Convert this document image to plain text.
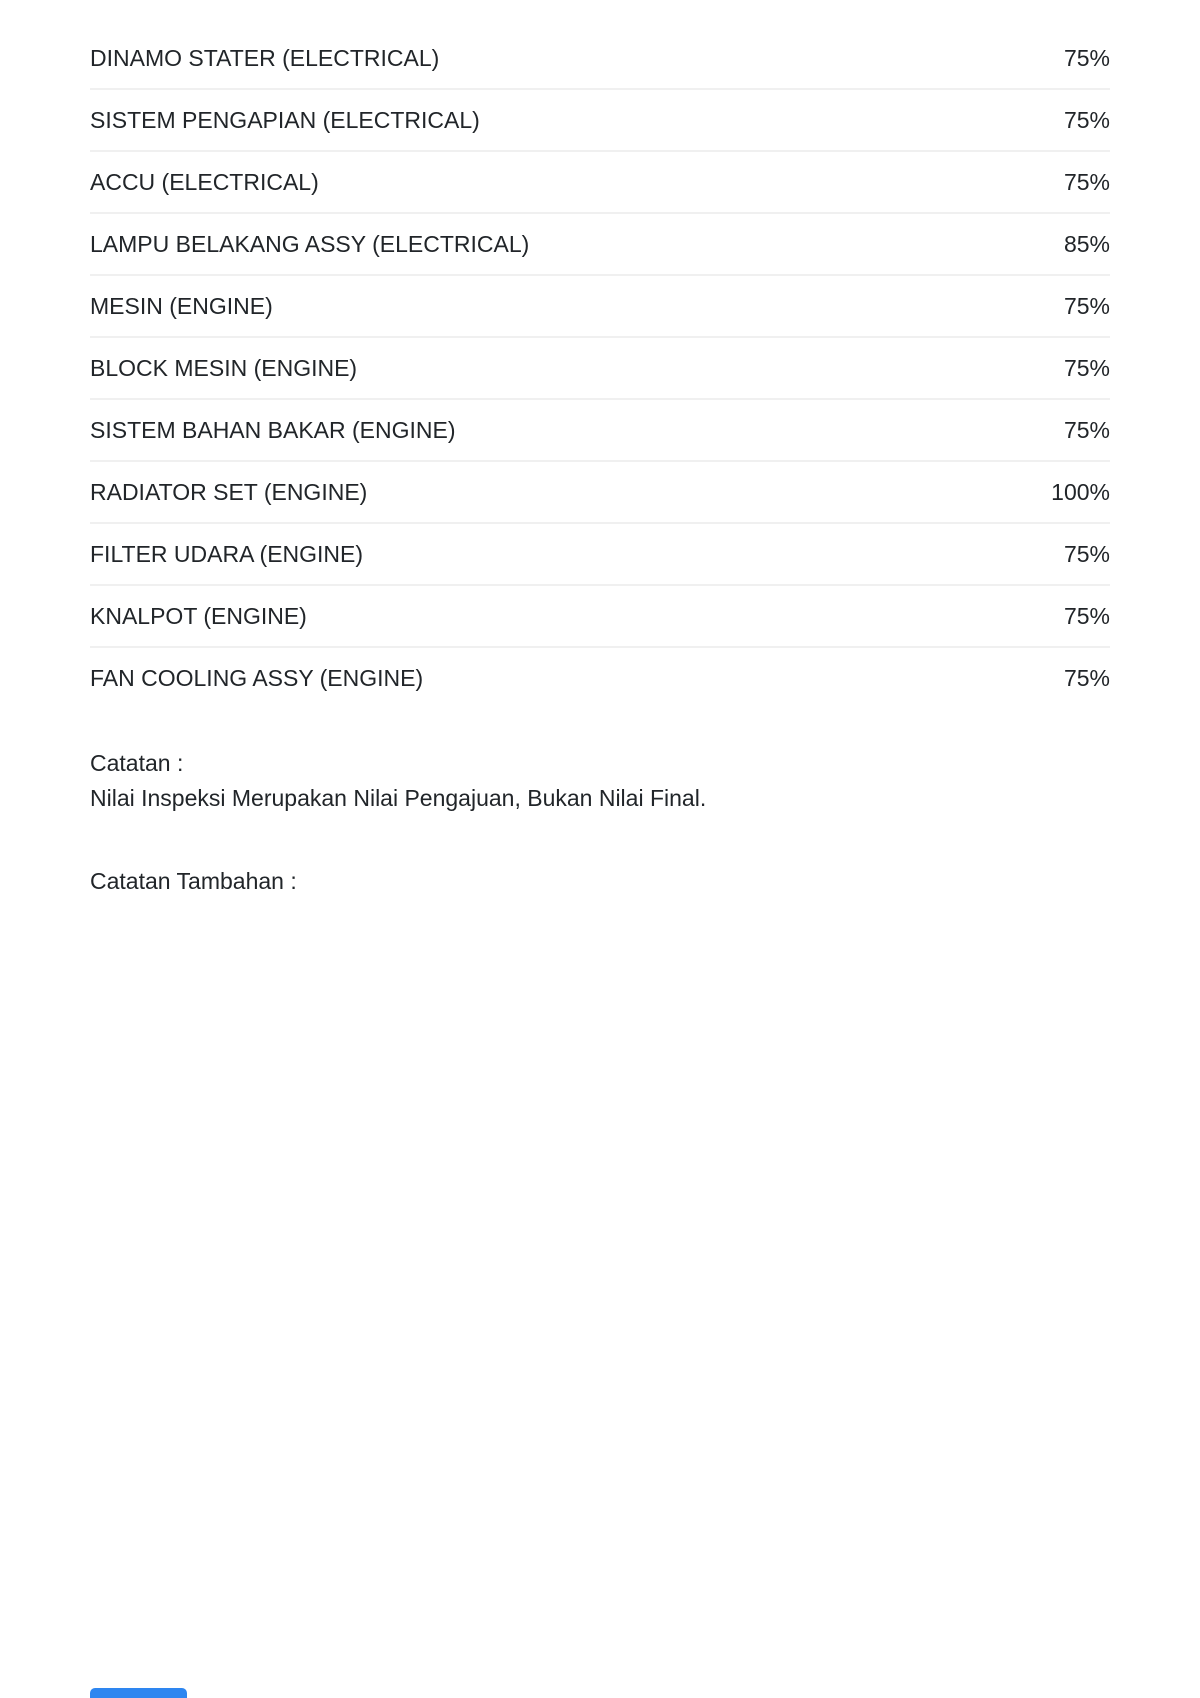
DINAMO STATER (ELECTRICAL)	75%
SISTEM PENGAPIAN (ELECTRICAL)	75%
ACCU (ELECTRICAL)	75%
LAMPU BELAKANG ASSY (ELECTRICAL)	85%
MESIN (ENGINE)	75%
BLOCK MESIN (ENGINE)	75%
SISTEM BAHAN BAKAR (ENGINE)	75%
RADIATOR SET (ENGINE)	100%
FILTER UDARA (ENGINE)	75%
KNALPOT (ENGINE)	75%
FAN COOLING ASSY (ENGINE)	75%
Catatan :
Nilai Inspeksi Merupakan Nilai Pengajuan, Bukan Nilai Final.
Catatan Tambahan :
